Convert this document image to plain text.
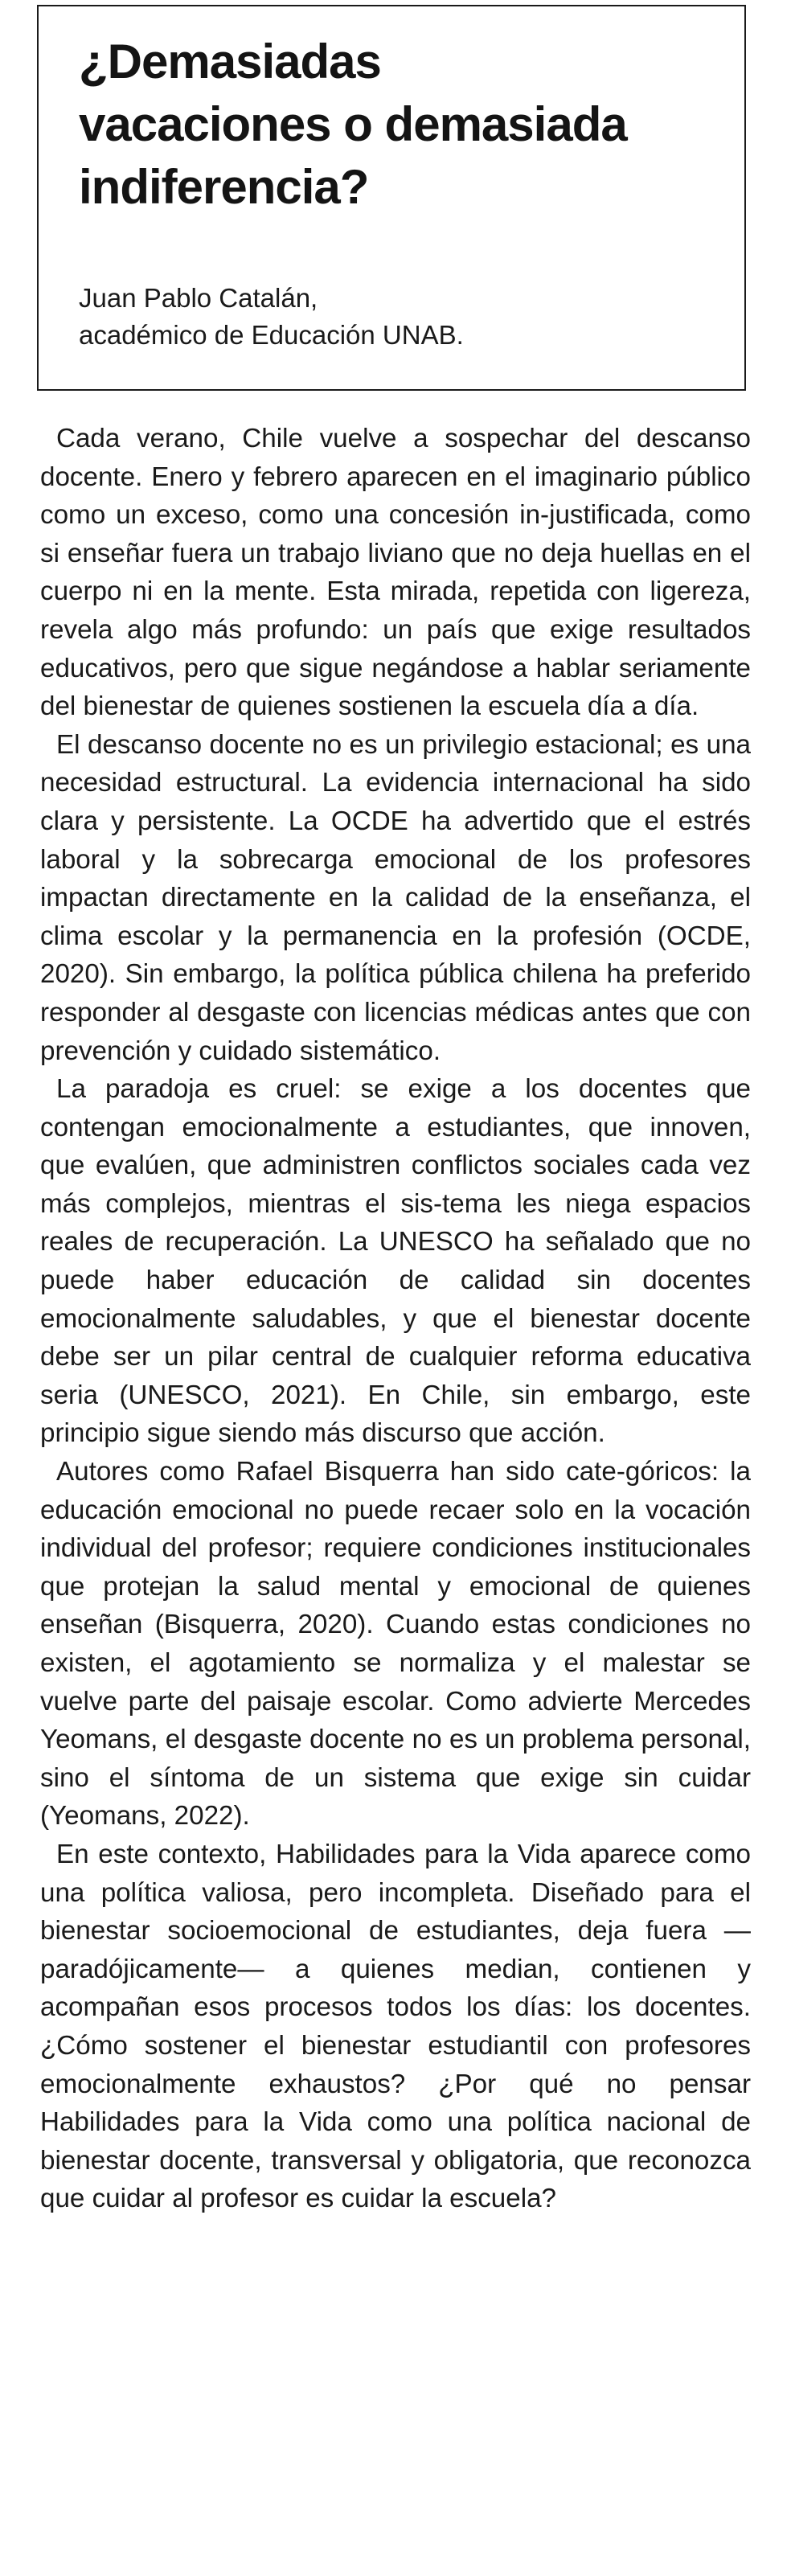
¿Demasiadas
vacaciones o demasiada
indiferencia?
Juan Pablo Catalán,
académico de Educación UNAB.

Cada verano, Chile vuelve a sospechar del descanso docente. Enero y febrero aparecen en el imaginario público como un exceso, como una concesión in-justificada, como si enseñar fuera un trabajo liviano que no deja huellas en el cuerpo ni en la mente. Esta mirada, repetida con ligereza, revela algo más profundo: un país que exige resultados educativos, pero que sigue negándose a hablar seriamente del bienestar de quienes sostienen la escuela día a día.

El descanso docente no es un privilegio estacional; es una necesidad estructural. La evidencia internacional ha sido clara y persistente. La OCDE ha advertido que el estrés laboral y la sobrecarga emocional de los profesores impactan directamente en la calidad de la enseñanza, el clima escolar y la permanencia en la profesión (OCDE, 2020). Sin embargo, la política pública chilena ha preferido responder al desgaste con licencias médicas antes que con prevención y cuidado sistemático.

La paradoja es cruel: se exige a los docentes que contengan emocionalmente a estudiantes, que innoven, que evalúen, que administren conflictos sociales cada vez más complejos, mientras el sis-tema les niega espacios reales de recuperación. La UNESCO ha señalado que no puede haber educación de calidad sin docentes emocionalmente saludables, y que el bienestar docente debe ser un pilar central de cualquier reforma educativa seria (UNESCO, 2021). En Chile, sin embargo, este principio sigue siendo más discurso que acción.

Autores como Rafael Bisquerra han sido cate-góricos: la educación emocional no puede recaer solo en la vocación individual del profesor; requiere condiciones institucionales que protejan la salud mental y emocional de quienes enseñan (Bisquerra, 2020). Cuando estas condiciones no existen, el agotamiento se normaliza y el malestar se vuelve parte del paisaje escolar. Como advierte Mercedes Yeomans, el desgaste docente no es un problema personal, sino el síntoma de un sistema que exige sin cuidar (Yeomans, 2022).

En este contexto, Habilidades para la Vida aparece como una política valiosa, pero incompleta. Diseñado para el bienestar socioemocional de estudiantes, deja fuera —paradójicamente— a quienes median, contienen y acompañan esos procesos todos los días: los docentes. ¿Cómo sostener el bienestar estudiantil con profesores emocionalmente exhaustos? ¿Por qué no pensar Habilidades para la Vida como una política nacional de bienestar docente, transversal y obligatoria, que reconozca que cuidar al profesor es cuidar la escuela?
